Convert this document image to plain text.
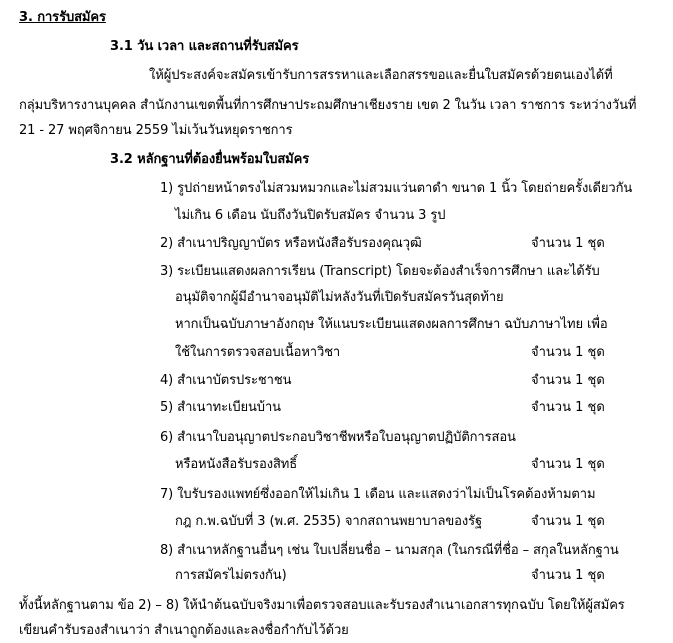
3. การรับสมัคร
3.1 วัน เวลา และสถานที่รับสมัคร
ให้ผู้ประสงค์จะสมัครเข้ารับการสรรหาและเลือกสรรขอและยื่นใบสมัครด้วยตนเองได้ที่
กลุ่มบริหารงานบุคคล สำนักงานเขตพื้นที่การศึกษาประถมศึกษาเชียงราย เขต 2 ในวัน เวลา ราชการ ระหว่างวันที่
21 - 27 พฤศจิกายน 2559 ไม่เว้นวันหยุดราชการ
3.2 หลักฐานที่ต้องยื่นพร้อมใบสมัคร
1) รูปถ่ายหน้าตรงไม่สวมหมวกและไม่สวมแว่นตาดำ ขนาด 1 นิ้ว โดยถ่ายครั้งเดียวกัน
ไม่เกิน 6 เดือน นับถึงวันปิดรับสมัคร จำนวน 3 รูป
2) สำเนาปริญญาบัตร หรือหนังสือรับรองคุณวุฒิ	จำนวน 1 ชุด
3) ระเบียนแสดงผลการเรียน (Transcript) โดยจะต้องสำเร็จการศึกษา และได้รับ
อนุมัติจากผู้มีอำนาจอนุมัติไม่หลังวันที่เปิดรับสมัครวันสุดท้าย
หากเป็นฉบับภาษาอังกฤษ ให้แนบระเบียนแสดงผลการศึกษา ฉบับภาษาไทย เพื่อ
ใช้ในการตรวจสอบเนื้อหาวิชา	จำนวน 1 ชุด
4) สำเนาบัตรประชาชน	จำนวน 1 ชุด
5) สำเนาทะเบียนบ้าน	จำนวน 1 ชุด
6) สำเนาใบอนุญาตประกอบวิชาชีพหรือใบอนุญาตปฏิบัติการสอน
หรือหนังสือรับรองสิทธิ์	จำนวน 1 ชุด
7) ใบรับรองแพทย์ซึ่งออกให้ไม่เกิน 1 เดือน และแสดงว่าไม่เป็นโรคต้องห้ามตาม
กฎ ก.พ.ฉบับที่ 3 (พ.ศ. 2535) จากสถานพยาบาลของรัฐ	จำนวน 1 ชุด
8) สำเนาหลักฐานอื่นๆ เช่น ใบเปลี่ยนชื่อ – นามสกุล (ในกรณีที่ชื่อ – สกุลในหลักฐาน
การสมัครไม่ตรงกัน)	จำนวน 1 ชุด
ทั้งนี้หลักฐานตาม ข้อ 2) – 8) ให้นำต้นฉบับจริงมาเพื่อตรวจสอบและรับรองสำเนาเอกสารทุกฉบับ โดยให้ผู้สมัคร
เขียนคำรับรองสำเนาว่า สำเนาถูกต้องและลงชื่อกำกับไว้ด้วย
